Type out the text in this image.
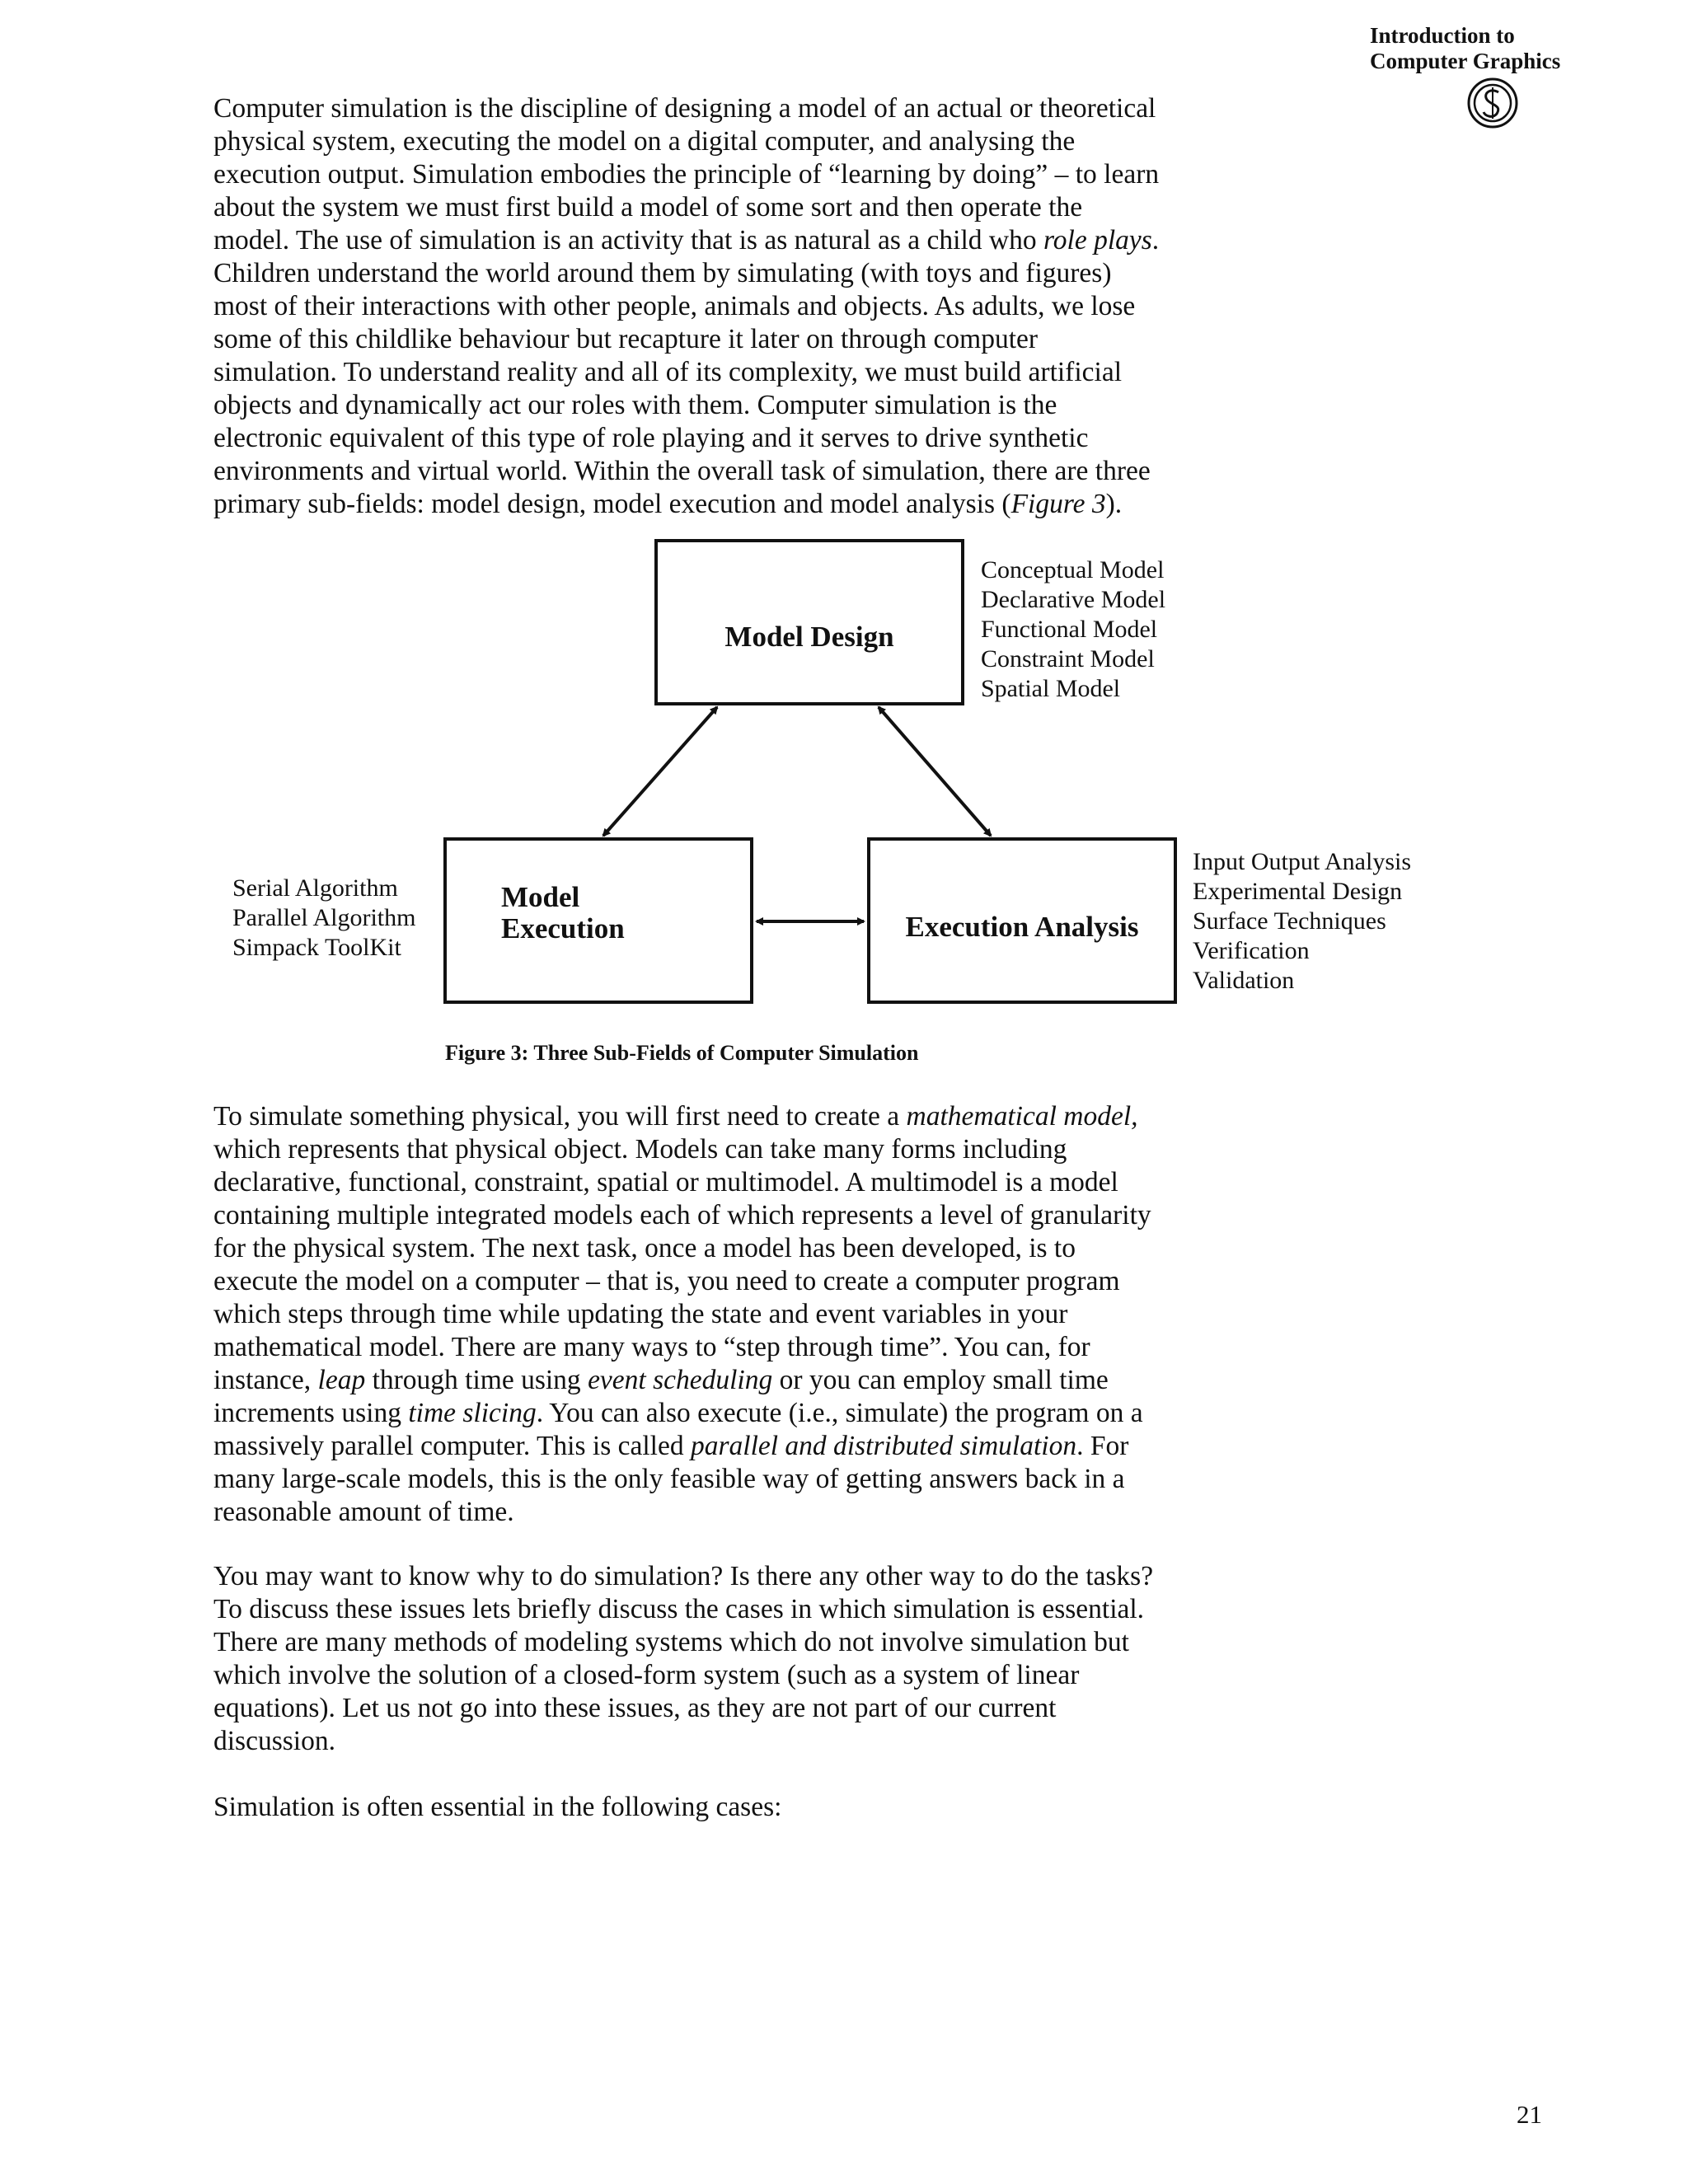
Introduction to
Computer Graphics
Computer simulation is the discipline of designing a model of an actual or theoretical
physical system, executing the model on a digital computer, and analysing the
execution output. Simulation embodies the principle of “learning by doing” – to learn
about the system we must first build a model of some sort and then operate the
model. The use of simulation is an activity that is as natural as a child who role plays.
Children understand the world around them by simulating (with toys and figures)
most of their interactions with other people, animals and objects. As adults, we lose
some of this childlike behaviour but recapture it later on through computer
simulation. To understand reality and all of its complexity, we must build artificial
objects and dynamically act our roles with them. Computer simulation is the
electronic equivalent of this type of role playing and it serves to drive synthetic
environments and virtual world. Within the overall task of simulation, there are three
primary sub-fields: model design, model execution and model analysis (Figure 3).
Model Design
Model
Execution	Execution Analysis
Conceptual Model
Declarative Model
Functional Model
Constraint Model
Spatial Model
Serial Algorithm
Parallel Algorithm
Simpack ToolKit
Input Output Analysis
Experimental Design
Surface Techniques
Verification
Validation
Figure 3: Three Sub-Fields of Computer Simulation
To simulate something physical, you will first need to create a mathematical model,
which represents that physical object. Models can take many forms including
declarative, functional, constraint, spatial or multimodel. A multimodel is a model
containing multiple integrated models each of which represents a level of granularity
for the physical system. The next task, once a model has been developed, is to
execute the model on a computer – that is, you need to create a computer program
which steps through time while updating the state and event variables in your
mathematical model. There are many ways to “step through time”. You can, for
instance, leap through time using event scheduling or you can employ small time
increments using time slicing. You can also execute (i.e., simulate) the program on a
massively parallel computer. This is called parallel and distributed simulation. For
many large-scale models, this is the only feasible way of getting answers back in a
reasonable amount of time.
You may want to know why to do simulation? Is there any other way to do the tasks?
To discuss these issues lets briefly discuss the cases in which simulation is essential.
There are many methods of modeling systems which do not involve simulation but
which involve the solution of a closed-form system (such as a system of linear
equations). Let us not go into these issues, as they are not part of our current
discussion.
Simulation is often essential in the following cases:
21
